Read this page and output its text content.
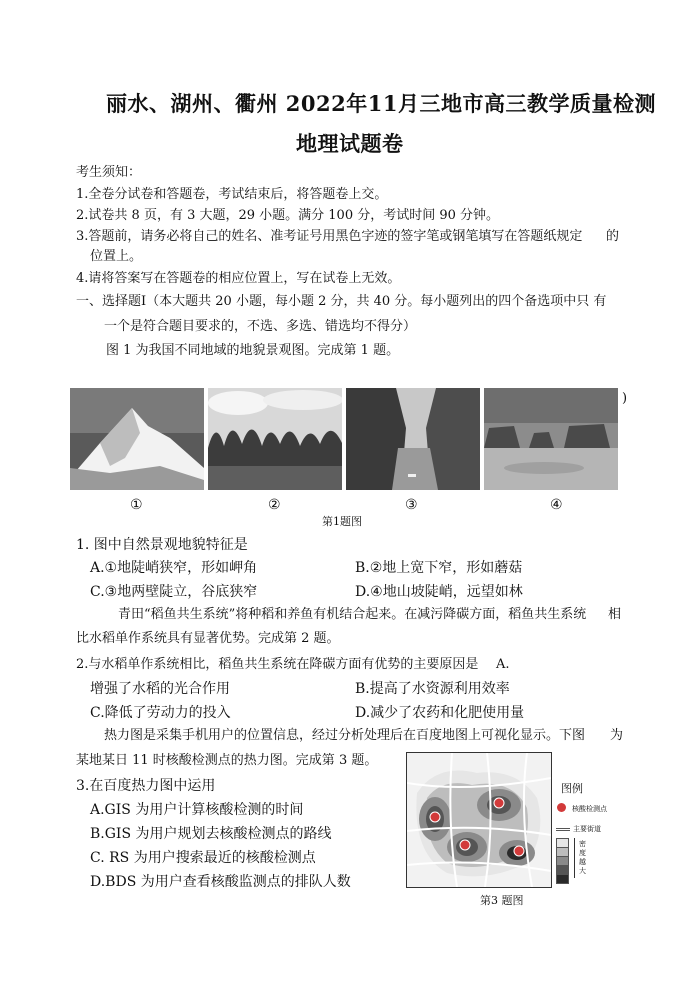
丽水、湖州、衢州 2022年11月三地市高三教学质量检测
地理试题卷
考生须知：
1.全卷分试卷和答题卷，考试结束后，将答题卷上交。
2.试卷共 8 页，有 3 大题，29 小题。满分 100 分，考试时间 90 分钟。
3.答题前，请务必将自己的姓名、准考证号用黑色字迹的签字笔或钢笔填写在答题纸规定 的
位置上。
4.请将答案写在答题卷的相应位置上，写在试卷上无效。
一、选择题Ⅰ（本大题共 20 小题，每小题 2 分，共 40 分。每小题列出的四个备选项中只 有
一个是符合题目要求的，不选、多选、错选均不得分）
图 1 为我国不同地域的地貌景观图。完成第 1 题。
)
①	②	③	④
第1题图
1. 图中自然景观地貌特征是
A.①地陡峭狭窄，形如岬角	B.②地上宽下窄，形如蘑菇
C.③地两壁陡立，谷底狭窄	D.④地山坡陡峭，远望如林
青田“稻鱼共生系统”将种稻和养鱼有机结合起来。在减污降碳方面，稻鱼共生系统 相
比水稻单作系统具有显著优势。完成第 2 题。
2.与水稻单作系统相比，稻鱼共生系统在降碳方面有优势的主要原因是 A.
增强了水稻的光合作用	B.提高了水资源利用效率
C.降低了劳动力的投入	D.减少了农药和化肥使用量
热力图是采集手机用户的位置信息，经过分析处理后在百度地图上可视化显示。下图 为
某地某日 11 时核酸检测点的热力图。完成第 3 题。
3.在百度热力图中运用
A.GIS 为用户计算核酸检测的时间
B.GIS 为用户规划去核酸检测点的路线
C. RS 为用户搜索最近的核酸检测点
D.BDS 为用户查看核酸监测点的排队人数
图例
核酸检测点
主要街道
密度越大
第3 题图
